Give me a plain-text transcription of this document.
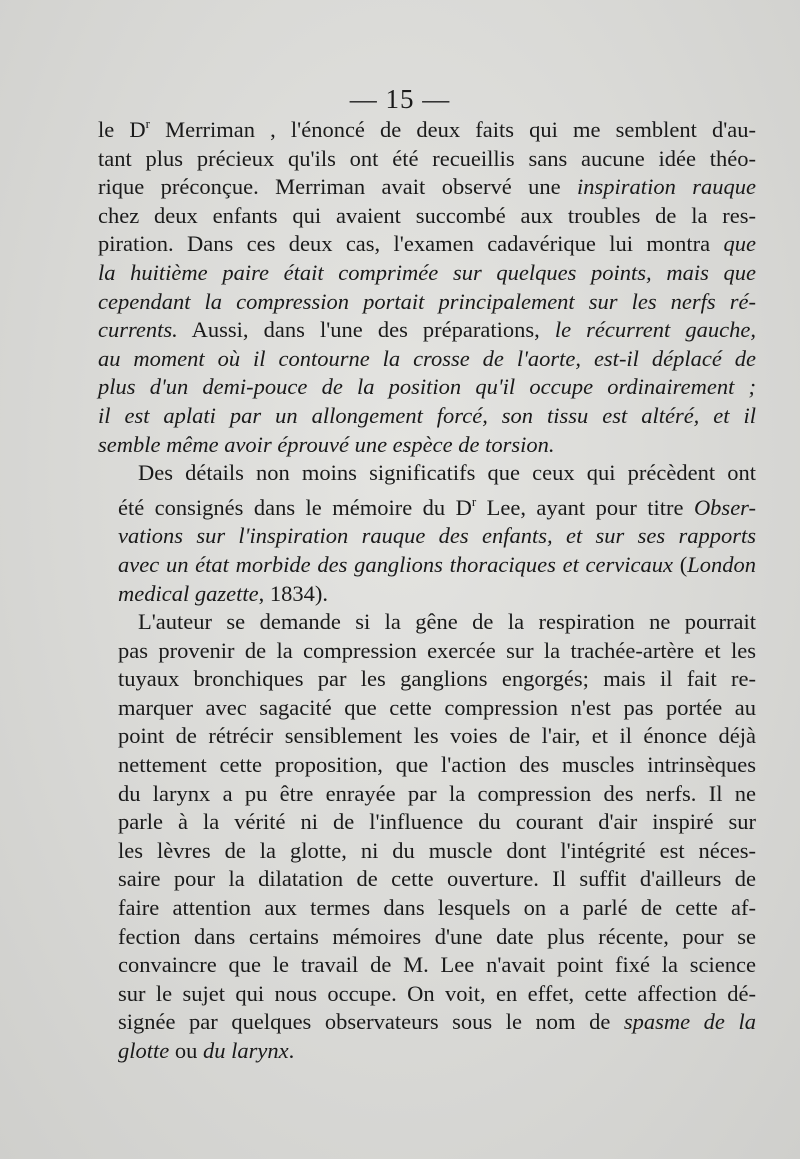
— 15 —

le $D^r$ Merriman , l'énoncé de deux faits qui me semblent d'au-
tant plus précieux qu'ils ont été recueillis sans aucune idée théo-
rique préconçue. Merriman avait observé une inspiration rauque
chez deux enfants qui avaient succombé aux troubles de la res-
piration. Dans ces deux cas, l'examen cadavérique lui montra que
la huitième paire était comprimée sur quelques points, mais que
cependant la compression portait principalement sur les nerfs ré-
currents. Aussi, dans l'une des préparations, le récurrent gauche,
au moment où il contourne la crosse de l'aorte, est-il déplacé de
plus d'un demi-pouce de la position qu'il occupe ordinairement ;
il est aplati par un allongement forcé, son tissu est altéré, et il
semble même avoir éprouvé une espèce de torsion.

Des détails non moins significatifs que ceux qui précèdent ont
été consignés dans le mémoire du $D^r$ Lee, ayant pour titre Obser-
vations sur l'inspiration rauque des enfants, et sur ses rapports
avec un état morbide des ganglions thoraciques et cervicaux (London
medical gazette, 1834).

L'auteur se demande si la gêne de la respiration ne pourrait
pas provenir de la compression exercée sur la trachée-artère et les
tuyaux bronchiques par les ganglions engorgés; mais il fait re-
marquer avec sagacité que cette compression n'est pas portée au
point de rétrécir sensiblement les voies de l'air, et il énonce déjà
nettement cette proposition, que l'action des muscles intrinsèques
du larynx a pu être enrayée par la compression des nerfs. Il ne
parle à la vérité ni de l'influence du courant d'air inspiré sur
les lèvres de la glotte, ni du muscle dont l'intégrité est néces-
saire pour la dilatation de cette ouverture. Il suffit d'ailleurs de
faire attention aux termes dans lesquels on a parlé de cette af-
fection dans certains mémoires d'une date plus récente, pour se
convaincre que le travail de M. Lee n'avait point fixé la science
sur le sujet qui nous occupe. On voit, en effet, cette affection dé-
signée par quelques observateurs sous le nom de spasme de la
glotte ou du larynx.
